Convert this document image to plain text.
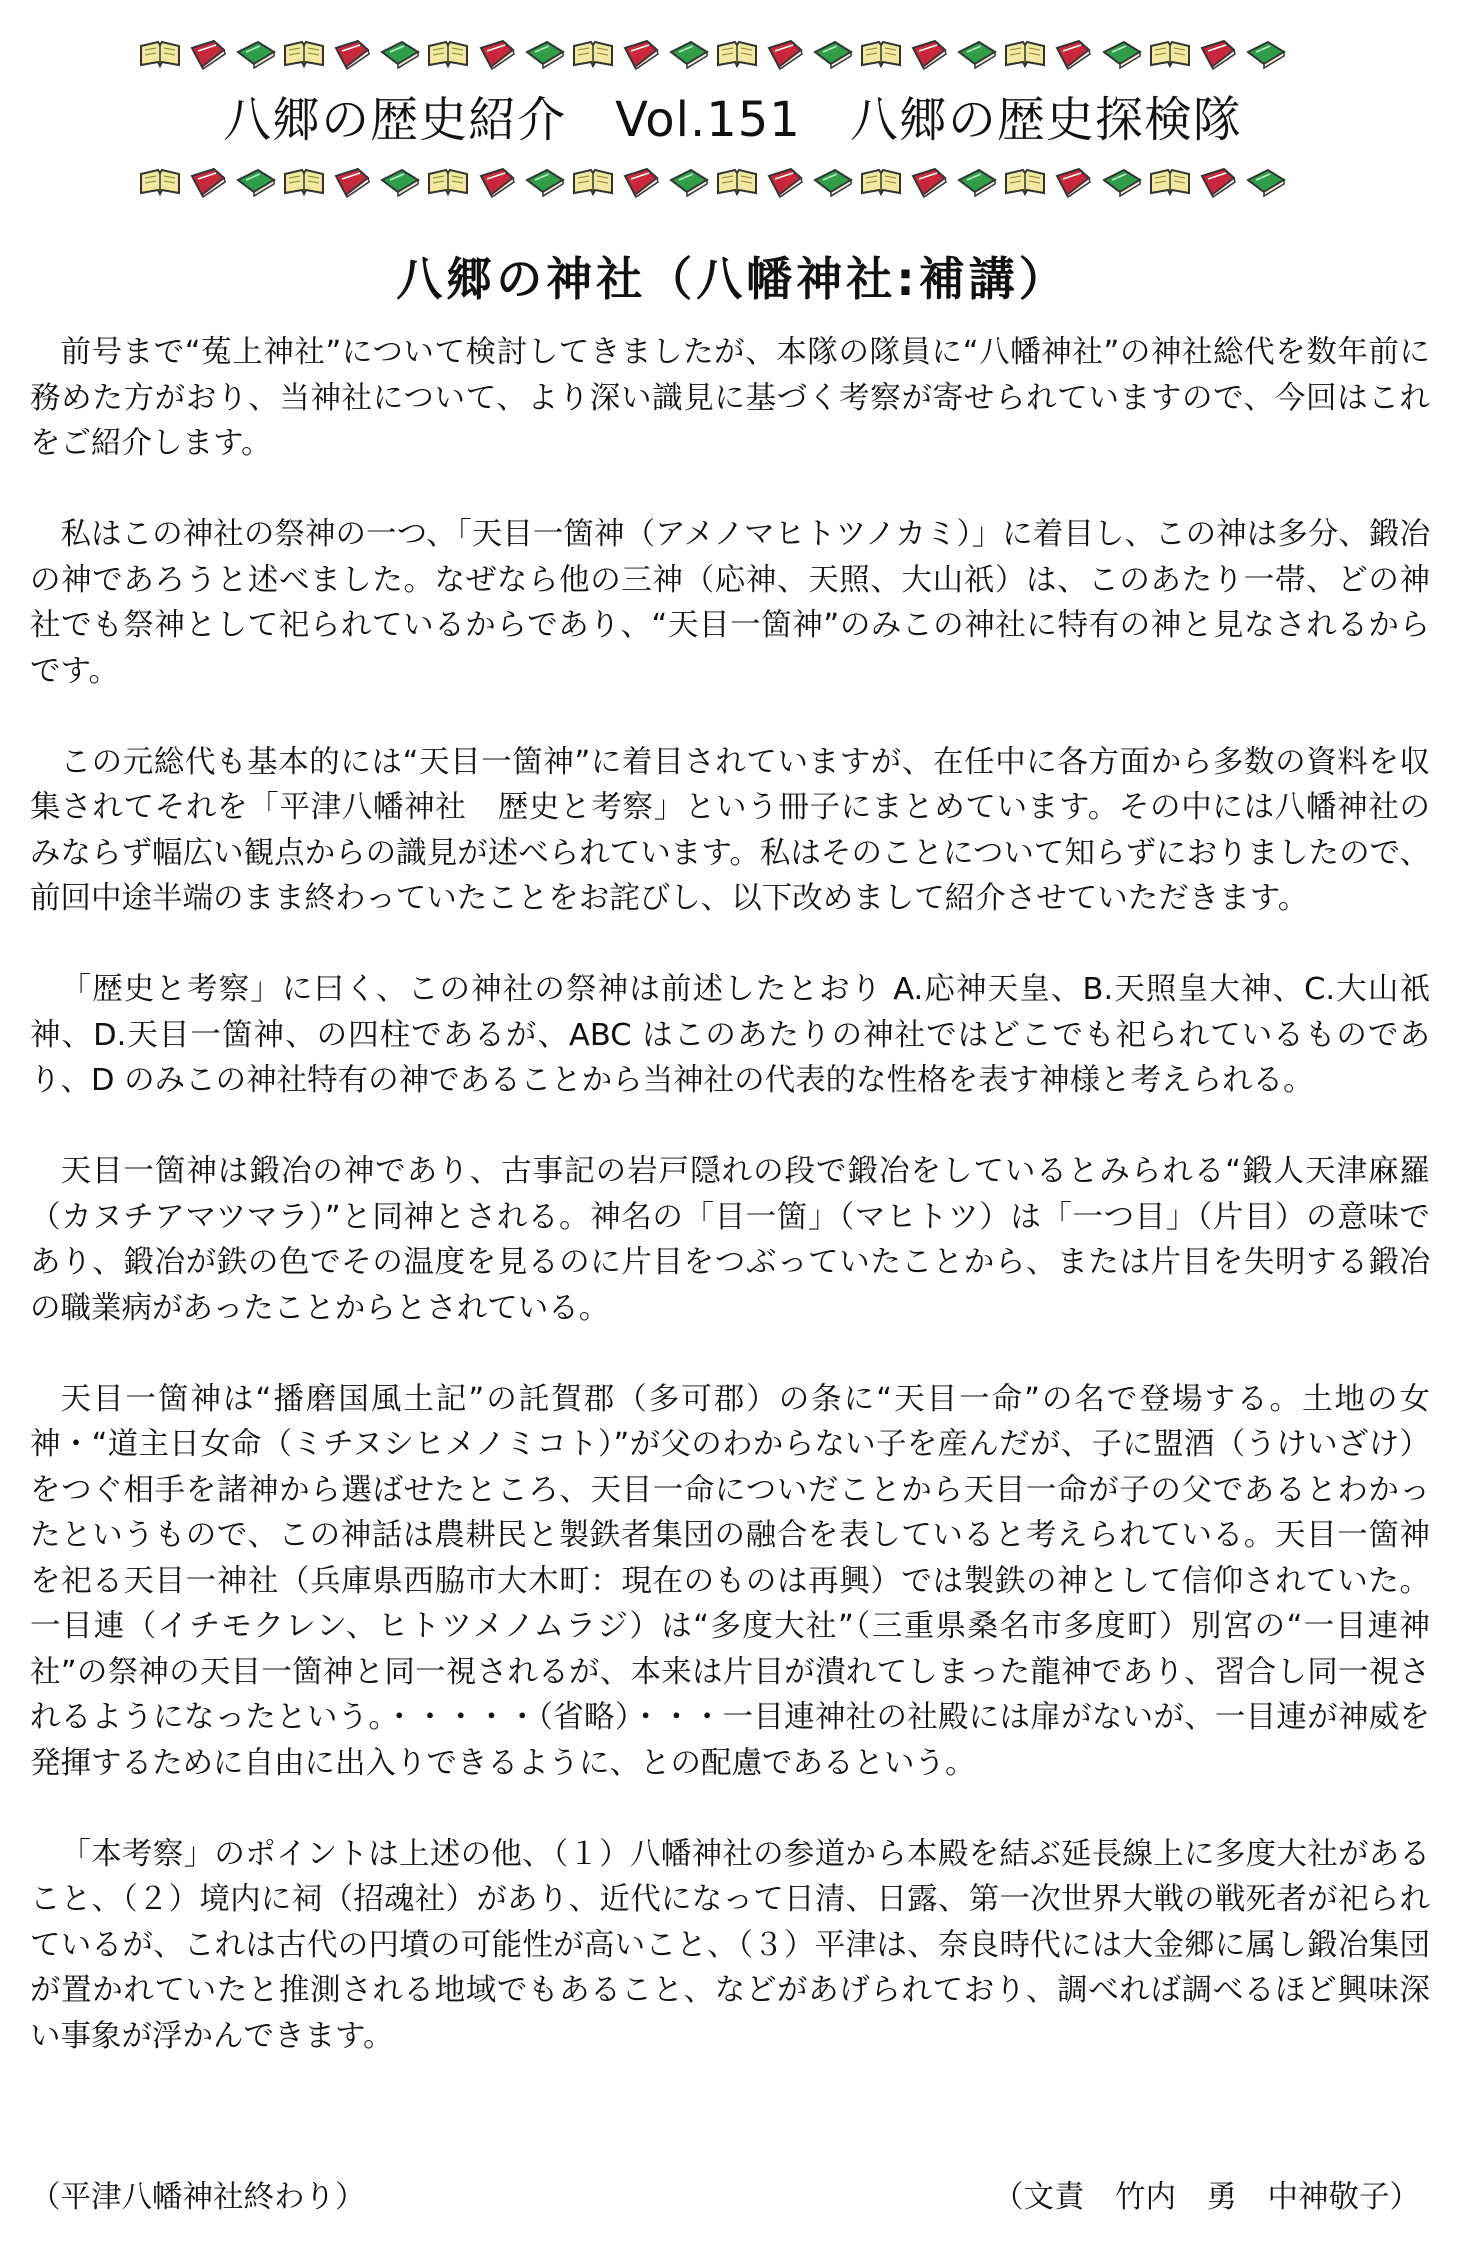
八郷の歴史紹介　Vol.151　八郷の歴史探検隊
八郷の神社（八幡神社:補講）

前号まで“菟上神社”について検討してきましたが、本隊の隊員に“八幡神社”の神社総代を数年前に務めた方がおり、当神社について、より深い識見に基づく考察が寄せられていますので、今回はこれをご紹介します。

私はこの神社の祭神の一つ、「天目一箇神（アメノマヒトツノカミ）」に着目し、この神は多分、鍛冶の神であろうと述べました。なぜなら他の三神（応神、天照、大山祇）は、このあたり一帯、どの神社でも祭神として祀られているからであり、“天目一箇神”のみこの神社に特有の神と見なされるからです。

この元総代も基本的には“天目一箇神”に着目されていますが、在任中に各方面から多数の資料を収集されてそれを「平津八幡神社　歴史と考察」という冊子にまとめています。その中には八幡神社のみならず幅広い観点からの識見が述べられています。私はそのことについて知らずにおりましたので、前回中途半端のまま終わっていたことをお詫びし、以下改めまして紹介させていただきます。

「歴史と考察」に曰く、この神社の祭神は前述したとおり A.応神天皇、B.天照皇大神、C.大山祇神、D.天目一箇神、の四柱であるが、ABC はこのあたりの神社ではどこでも祀られているものであり、D のみこの神社特有の神であることから当神社の代表的な性格を表す神様と考えられる。

天目一箇神は鍛冶の神であり、古事記の岩戸隠れの段で鍛冶をしているとみられる“鍛人天津麻羅（カヌチアマツマラ）”と同神とされる。神名の「目一箇」（マヒトツ）は「一つ目」（片目）の意味であり、鍛冶が鉄の色でその温度を見るのに片目をつぶっていたことから、または片目を失明する鍛冶の職業病があったことからとされている。

天目一箇神は“播磨国風土記”の託賀郡（多可郡）の条に“天目一命”の名で登場する。土地の女神・“道主日女命（ミチヌシヒメノミコト）”が父のわからない子を産んだが、子に盟酒（うけいざけ）をつぐ相手を諸神から選ばせたところ、天目一命についだことから天目一命が子の父であるとわかったというもので、この神話は農耕民と製鉄者集団の融合を表していると考えられている。天目一箇神を祀る天目一神社（兵庫県西脇市大木町：現在のものは再興）では製鉄の神として信仰されていた。一目連（イチモクレン、ヒトツメノムラジ）は“多度大社”（三重県桑名市多度町）別宮の“一目連神社”の祭神の天目一箇神と同一視されるが、本来は片目が潰れてしまった龍神であり、習合し同一視されるようになったという。・・・・・（省略）・・・一目連神社の社殿には扉がないが、一目連が神威を発揮するために自由に出入りできるように、との配慮であるという。

「本考察」のポイントは上述の他、（１）八幡神社の参道から本殿を結ぶ延長線上に多度大社があること、（２）境内に祠（招魂社）があり、近代になって日清、日露、第一次世界大戦の戦死者が祀られているが、これは古代の円墳の可能性が高いこと、（３）平津は、奈良時代には大金郷に属し鍛冶集団が置かれていたと推測される地域でもあること、などがあげられており、調べれば調べるほど興味深い事象が浮かんできます。

（平津八幡神社終わり）	（文責　竹内　勇　中神敬子）
